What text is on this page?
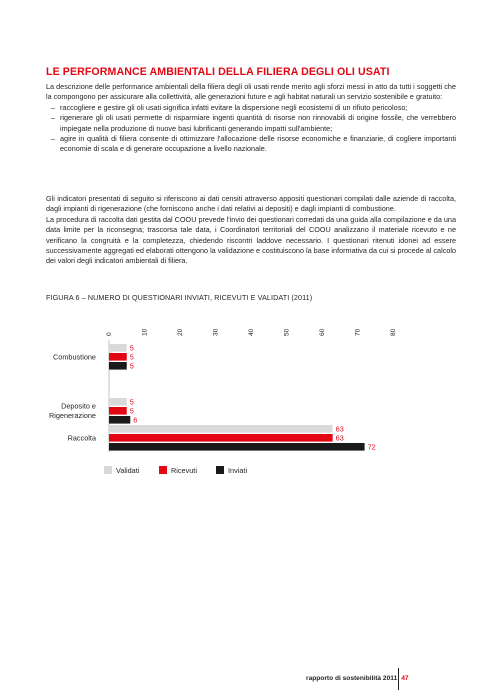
LE PERFORMANCE AMBIENTALI DELLA FILIERA DEGLI OLI USATI

La descrizione delle performance ambientali della filiera degli oli usati rende merito agli sforzi messi in atto da tutti i soggetti che la compongono per assicurare alla collettività, alle generazioni future e agli habitat naturali un servizio sostenibile e gratuito:

– raccogliere e gestire gli oli usati significa infatti evitare la dispersione negli ecosistemi di un rifiuto pericoloso;
– rigenerare gli oli usati permette di risparmiare ingenti quantità di risorse non rinnovabili di origine fossile, che verrebbero impiegate nella produzione di nuove basi lubrificanti generando impatti sull'ambiente;
– agire in qualità di filiera consente di ottimizzare l'allocazione delle risorse economiche e finanziarie, di cogliere importanti economie di scala e di generare occupazione a livello nazionale.

Gli indicatori presentati di seguito si riferiscono ai dati censiti attraverso appositi questionari compilati dalle aziende di raccolta, dagli impianti di rigenerazione (che forniscono anche i dati relativi ai depositi) e dagli impianti di combustione.

La procedura di raccolta dati gestita dal COOU prevede l'invio dei questionari corredati da una guida alla compilazione e da una data limite per la riconsegna; trascorsa tale data, i Coordinatori territoriali del COOU analizzano il materiale ricevuto e ne verificano la congruità e la completezza, chiedendo riscontri laddove necessario. I questionari ritenuti idonei ad essere successivamente aggregati ed elaborati ottengono la validazione e costituiscono la base informativa da cui si procede al calcolo dei valori degli indicatori ambientali di filiera.

FIGURA 6 – NUMERO DI QUESTIONARI INVIATI, RICEVUTI E VALIDATI (2011)
0	10	20	30	40	50	60	70	80
5
5
5
Combustione
5
5
6
Deposito e
Rigenerazione
63
63
72
Raccolta
Validati	Ricevuti	Inviati
rapporto di sostenibilità 2011 47
